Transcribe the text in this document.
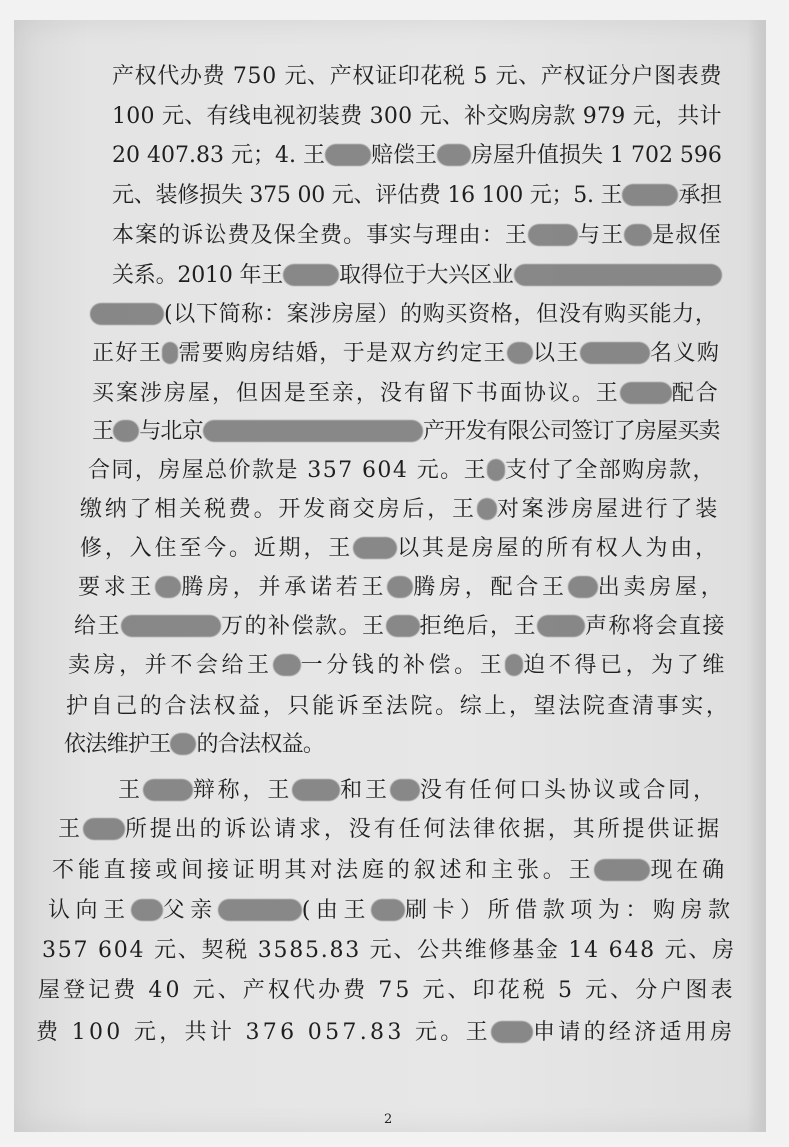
产权代办费 750 元、产权证印花税 5 元、产权证分户图表费
100 元、有线电视初装费 300 元、补交购房款 979 元，共计
20 407.83 元；4. 王 赔偿王 房屋升值损失 1 702 596
元、装修损失 375 00 元、评估费 16 100 元；5. 王	承担
本案的诉讼费及保全费。事实与理由：王 与王 是叔侄
关系。2010 年王	取得位于大兴区业
(以下简称：案涉房屋）的购买资格，但没有购买能力，
正好王 需要购房结婚，于是双方约定王 以王	名义购
买案涉房屋，但因是至亲，没有留下书面协议。王 配合
王 与北京	产开发有限公司签订了房屋买卖
合同，房屋总价款是 357 604 元。王 支付了全部购房款，
缴纳了相关税费。开发商交房后，王 对案涉房屋进行了装
修，入住至今。近期，王 以其是房屋的所有权人为由，
要求王 腾房，并承诺若王 腾房，配合王 出卖房屋，
给王	万的补偿款。王 拒绝后，王 声称将会直接
卖房，并不会给王 一分钱的补偿。王 迫不得已，为了维
护自己的合法权益，只能诉至法院。综上，望法院查清事实，
依法维护王 的合法权益。
王 辩称，王 和王 没有任何口头协议或合同，
王 所提出的诉讼请求，没有任何法律依据，其所提供证据
不能直接或间接证明其对法庭的叙述和主张。王	现在确
认向王 父亲	(由王 刷卡）所借款项为：购房款
357 604 元、契税 3585.83 元、公共维修基金 14 648 元、房
屋登记费 40 元、产权代办费 75 元、印花税 5 元、分户图表
费 100 元，共计 376 057.83 元。王 申请的经济适用房
2
